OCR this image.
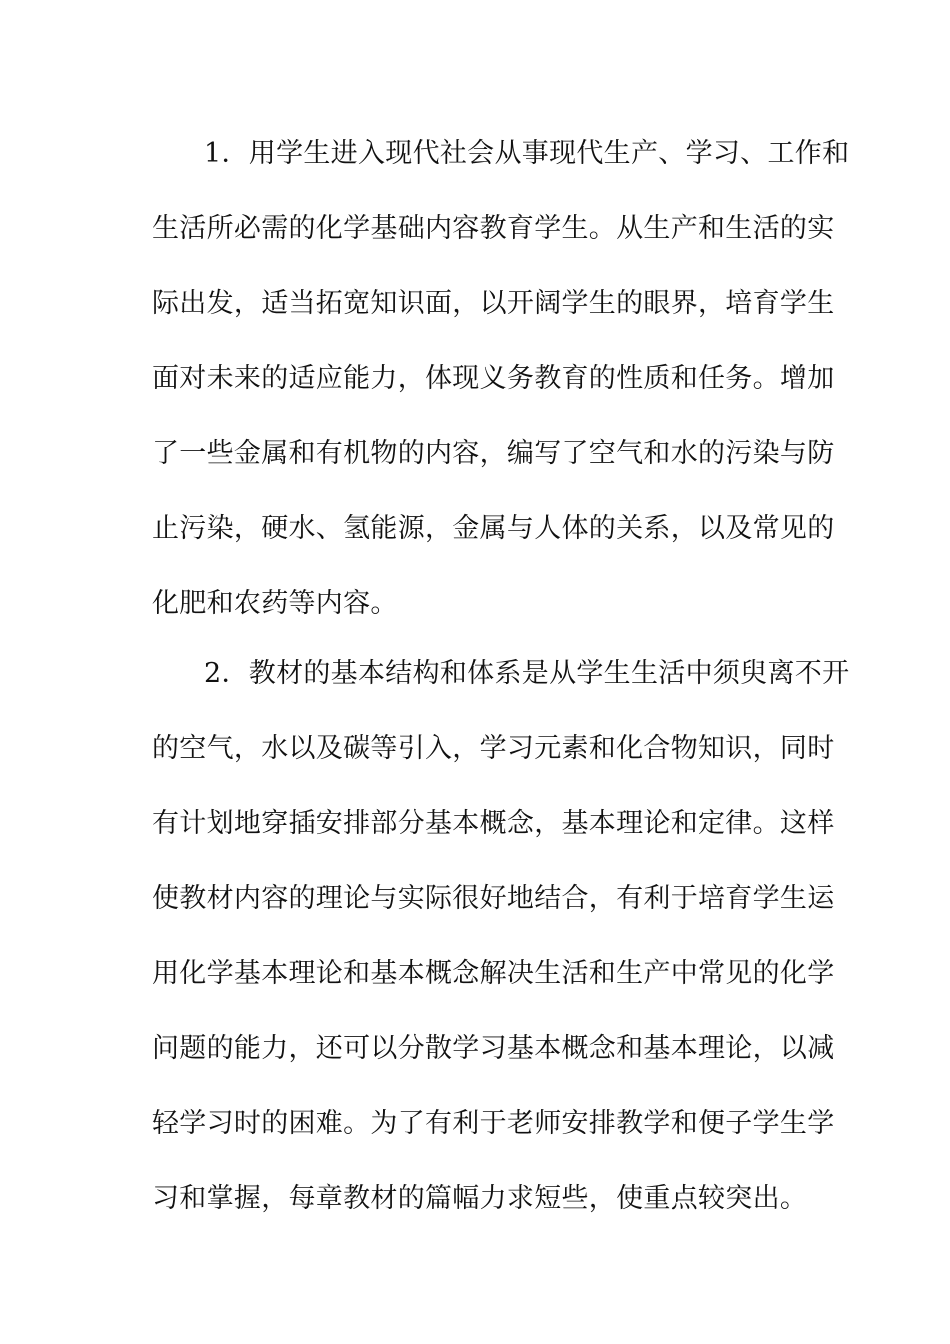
1．用学生进入现代社会从事现代生产、学习、工作和
生活所必需的化学基础内容教育学生。从生产和生活的实
际出发，适当拓宽知识面，以开阔学生的眼界，培育学生
面对未来的适应能力，体现义务教育的性质和任务。增加
了一些金属和有机物的内容，编写了空气和水的污染与防
止污染，硬水、氢能源，金属与人体的关系，以及常见的
化肥和农药等内容。
2．教材的基本结构和体系是从学生生活中须臾离不开
的空气，水以及碳等引入，学习元素和化合物知识，同时
有计划地穿插安排部分基本概念，基本理论和定律。这样
使教材内容的理论与实际很好地结合，有利于培育学生运
用化学基本理论和基本概念解决生活和生产中常见的化学
问题的能力，还可以分散学习基本概念和基本理论，以减
轻学习时的困难。为了有利于老师安排教学和便子学生学
习和掌握，每章教材的篇幅力求短些，使重点较突出。
